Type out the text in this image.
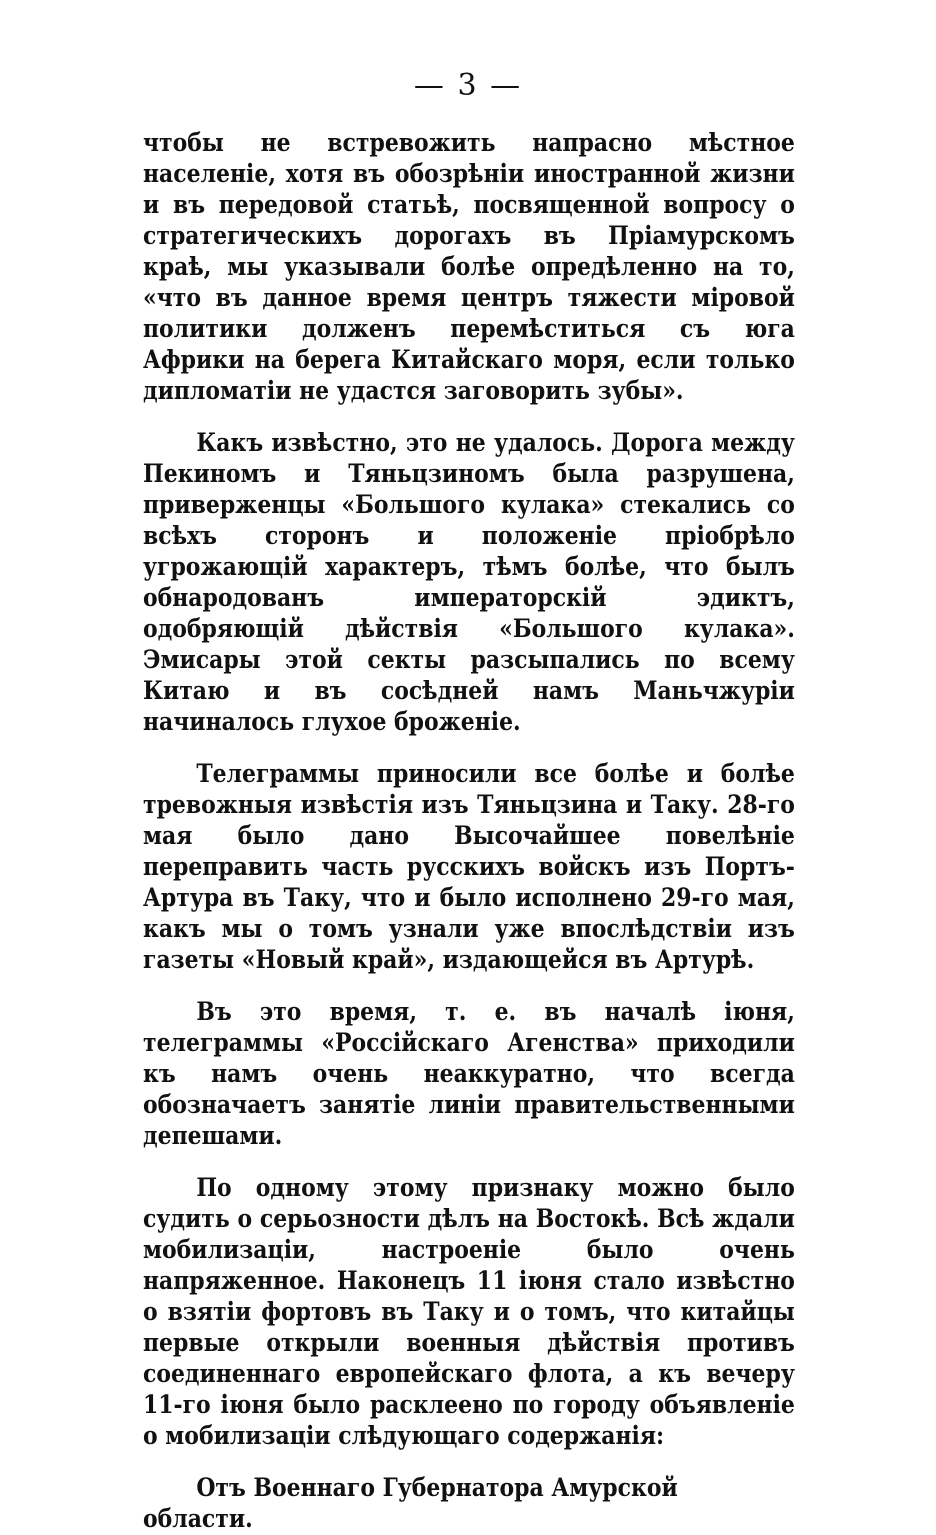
— 3 —

чтобы не встревожить напрасно мѣстное населеніе, хотя въ обозрѣніи иностранной жизни и въ передовой статьѣ, посвященной вопросу о стратегическихъ дорогахъ въ Пріамурскомъ краѣ, мы указывали болѣе опредѣленно на то, «что въ данное время центръ тяжести міровой политики долженъ перемѣститься съ юга Африки на берега Китайскаго моря, если только дипломатіи не удастся заговорить зубы».

Какъ извѣстно, это не удалось. Дорога между Пекиномъ и Тяньцзиномъ была разрушена, приверженцы «Большого кулака» стекались со всѣхъ сторонъ и положеніе пріобрѣло угрожающій характеръ, тѣмъ болѣе, что былъ обнародованъ императорскій эдиктъ, одобряющій дѣйствія «Большого кулака». Эмисары этой секты разсыпались по всему Китаю и въ сосѣдней намъ Маньчжуріи начиналось глухое броженіе.

Телеграммы приносили все болѣе и болѣе тревожныя извѣстія изъ Тяньцзина и Таку. 28-го мая было дано Высочайшее повелѣніе переправить часть русскихъ войскъ изъ Портъ-Артура въ Таку, что и было исполнено 29-го мая, какъ мы о томъ узнали уже впослѣдствіи изъ газеты «Новый край», издающейся въ Артурѣ.

Въ это время, т. е. въ началѣ іюня, телеграммы «Россійскаго Агенства» приходили къ намъ очень неаккуратно, что всегда обозначаетъ занятіе линіи правительственными депешами.

По одному этому признаку можно было судить о серьозности дѣлъ на Востокѣ. Всѣ ждали мобилизаціи, настроеніе было очень напряженное. Наконецъ 11 іюня стало извѣстно о взятіи фортовъ въ Таку и о томъ, что китайцы первые открыли военныя дѣйствія противъ соединеннаго европейскаго флота, а къ вечеру 11-го іюня было расклеено по городу объявленіе о мобилизаціи слѣдующаго содержанія:

Отъ Военнаго Губернатора Амурской области.
